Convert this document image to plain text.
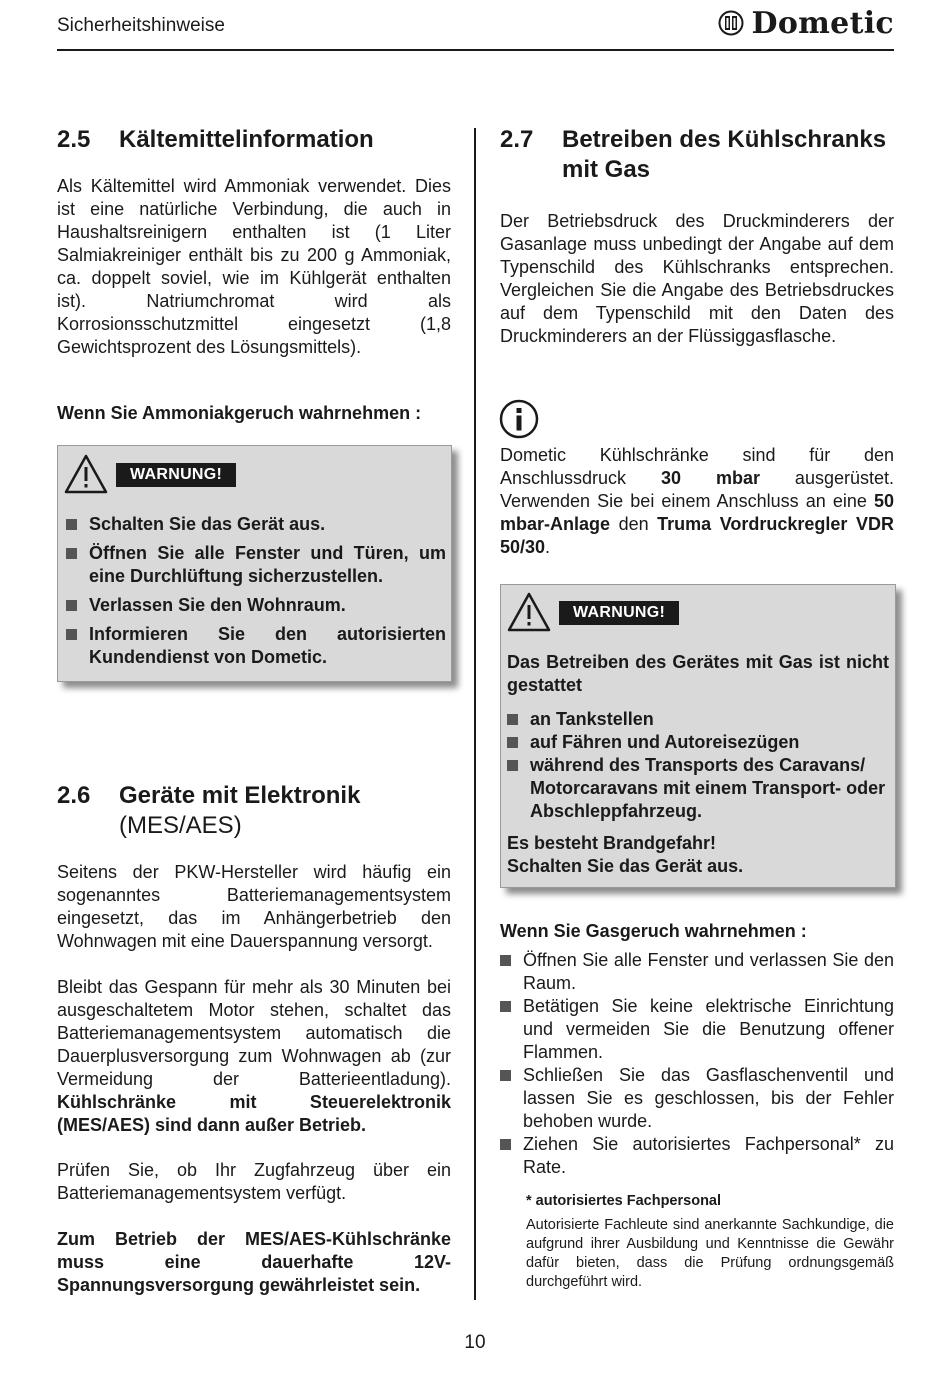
Sicherheitshinweise	Dometic
2.5	Kältemittelinformation
Als Kältemittel wird Ammoniak verwendet. Dies ist eine natürliche Verbindung, die auch in Haushaltsreinigern enthalten ist (1 Liter Salmiakreiniger enthält bis zu 200 g Ammoniak, ca. doppelt soviel, wie im Kühlgerät enthalten ist). Natriumchromat wird als Korrosionsschutzmittel eingesetzt (1,8 Gewichtsprozent des Lösungsmittels).
Wenn Sie Ammoniakgeruch wahrnehmen :
WARNUNG!
Schalten Sie das Gerät aus.
Öffnen Sie alle Fenster und Türen, um eine Durchlüftung sicherzustellen.
Verlassen Sie den Wohnraum.
Informieren Sie den autorisierten Kundendienst von Dometic.
2.6	Geräte mit Elektronik
(MES/AES)
Seitens der PKW-Hersteller wird häufig ein sogenanntes Batteriemanagementsystem eingesetzt, das im Anhängerbetrieb den Wohnwagen mit eine Dauerspannung versorgt.
Bleibt das Gespann für mehr als 30 Minuten bei ausgeschaltetem Motor stehen, schaltet das Batteriemanagementsystem automatisch die Dauerplusversorgung zum Wohnwagen ab (zur Vermeidung der Batterieentladung). Kühlschränke mit Steuerelektronik (MES/AES) sind dann außer Betrieb.
Prüfen Sie, ob Ihr Zugfahrzeug über ein Batteriemanagementsystem verfügt.
Zum Betrieb der MES/AES-Kühlschränke muss eine dauerhafte 12V-Spannungsversorgung gewährleistet sein.
2.7	Betreiben des Kühlschranks
mit Gas
Der Betriebsdruck des Druckminderers der Gasanlage muss unbedingt der Angabe auf dem Typenschild des Kühlschranks entsprechen. Vergleichen Sie die Angabe des Betriebsdruckes auf dem Typenschild mit den Daten des Druckminderers an der Flüssiggasflasche.
Dometic Kühlschränke sind für den Anschlussdruck 30 mbar ausgerüstet. Verwenden Sie bei einem Anschluss an eine 50 mbar-Anlage den Truma Vordruckregler VDR 50/30.
WARNUNG!
Das Betreiben des Gerätes mit Gas ist nicht gestattet
an Tankstellen
auf Fähren und Autoreisezügen
während des Transports des Caravans/ Motorcaravans mit einem Transport- oder Abschleppfahrzeug.
Es besteht Brandgefahr!
Schalten Sie das Gerät aus.
Wenn Sie Gasgeruch wahrnehmen :
Öffnen Sie alle Fenster und verlassen Sie den Raum.
Betätigen Sie keine elektrische Einrichtung und vermeiden Sie die Benutzung offener Flammen.
Schließen Sie das Gasflaschenventil und lassen Sie es geschlossen, bis der Fehler behoben wurde.
Ziehen Sie autorisiertes Fachpersonal* zu Rate.
* autorisiertes Fachpersonal
Autorisierte Fachleute sind anerkannte Sachkundige, die aufgrund ihrer Ausbildung und Kenntnisse die Gewähr dafür bieten, dass die Prüfung ordnungsgemäß durchgeführt wird.
10
